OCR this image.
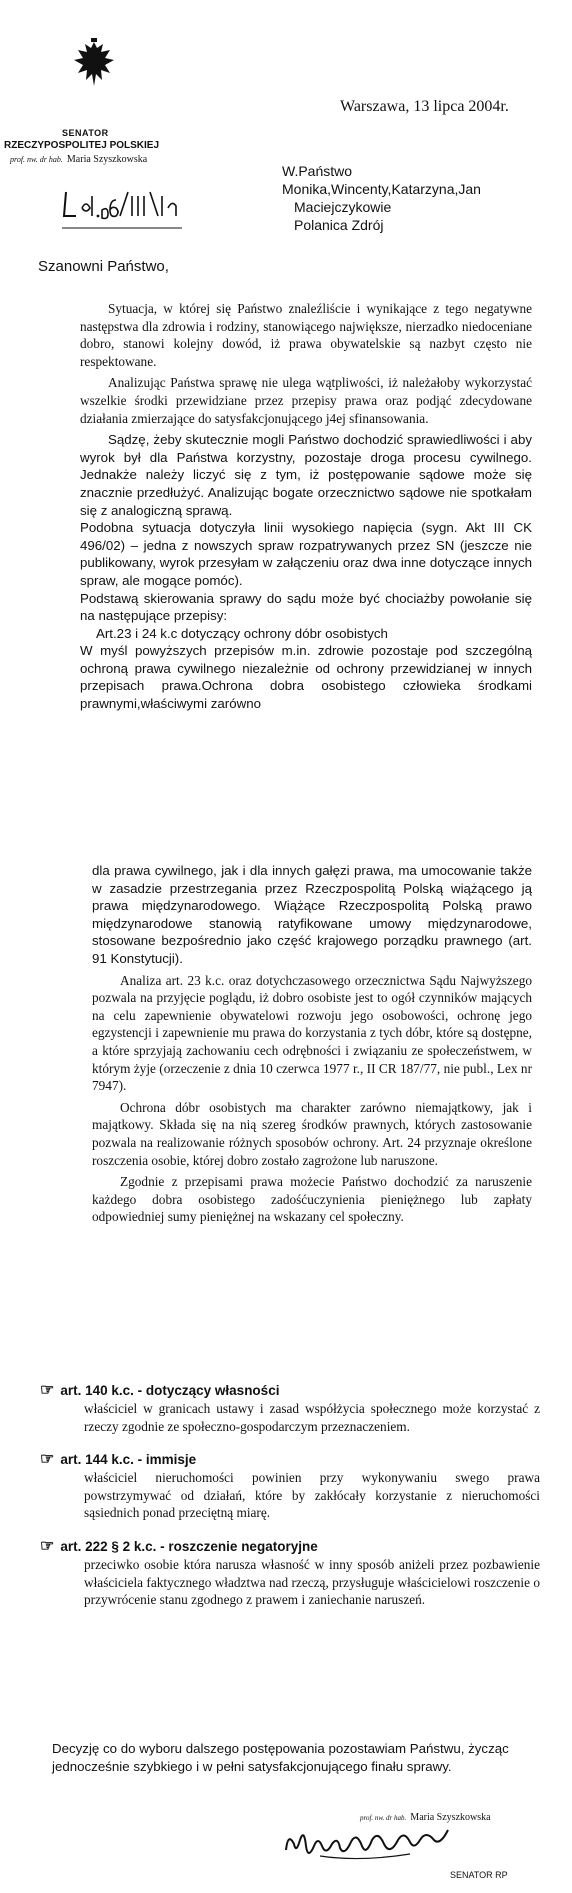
SENATOR
RZECZYPOSPOLITEJ POLSKIEJ
prof. nw. dr hab. Maria Szyszkowska
Warszawa, 13 lipca 2004r.
W.Państwo
Monika,Wincenty,Katarzyna,Jan
Maciejczykowie
Polanica Zdrój
Szanowni Państwo,

Sytuacja, w której się Państwo znaleźliście i wynikające z tego negatywne następstwa dla zdrowia i rodziny, stanowiącego największe, nierzadko niedoceniane dobro, stanowi kolejny dowód, iż prawa obywatelskie są nazbyt często nie respektowane.

Analizując Państwa sprawę nie ulega wątpliwości, iż należałoby wykorzystać wszelkie środki przewidziane przez przepisy prawa oraz podjąć zdecydowane działania zmierzające do satysfakcjonującego j4ej sfinansowania.

Sądzę, żeby skutecznie mogli Państwo dochodzić sprawiedliwości i aby wyrok był dla Państwa korzystny, pozostaje droga procesu cywilnego. Jednakże należy liczyć się z tym, iż postępowanie sądowe może się znacznie przedłużyć. Analizując bogate orzecznictwo sądowe nie spotkałam się z analogiczną sprawą.

Podobna sytuacja dotyczyła linii wysokiego napięcia (sygn. Akt III CK 496/02) – jedna z nowszych spraw rozpatrywanych przez SN (jeszcze nie publikowany, wyrok przesyłam w załączeniu oraz dwa inne dotyczące innych spraw, ale mogące pomóc).

Podstawą skierowania sprawy do sądu może być chociażby powołanie się na następujące przepisy:

Art.23 i 24 k.c dotyczący ochrony dóbr osobistych

W myśl powyższych przepisów m.in. zdrowie pozostaje pod szczególną ochroną prawa cywilnego niezależnie od ochrony przewidzianej w innych przepisach prawa.Ochrona dobra osobistego człowieka środkami prawnymi,właściwymi zarówno

dla prawa cywilnego, jak i dla innych gałęzi prawa, ma umocowanie także w zasadzie przestrzegania przez Rzeczpospolitą Polską wiążącego ją prawa międzynarodowego. Wiążące Rzeczpospolitą Polską prawo międzynarodowe stanowią ratyfikowane umowy międzynarodowe, stosowane bezpośrednio jako część krajowego porządku prawnego (art. 91 Konstytucji).

Analiza art. 23 k.c. oraz dotychczasowego orzecznictwa Sądu Najwyższego pozwala na przyjęcie poglądu, iż dobro osobiste jest to ogół czynników mających na celu zapewnienie obywatelowi rozwoju jego osobowości, ochronę jego egzystencji i zapewnienie mu prawa do korzystania z tych dóbr, które są dostępne, a które sprzyjają zachowaniu cech odrębności i związaniu ze społeczeństwem, w którym żyje (orzeczenie z dnia 10 czerwca 1977 r., II CR 187/77, nie publ., Lex nr 7947).

Ochrona dóbr osobistych ma charakter zarówno niemajątkowy, jak i majątkowy. Składa się na nią szereg środków prawnych, których zastosowanie pozwala na realizowanie różnych sposobów ochrony. Art. 24 przyznaje określone roszczenia osobie, której dobro zostało zagrożone lub naruszone.

Zgodnie z przepisami prawa możecie Państwo dochodzić za naruszenie każdego dobra osobistego zadośćuczynienia pieniężnego lub zapłaty odpowiedniej sumy pieniężnej na wskazany cel społeczny.

☞ art. 140 k.c. - dotyczący własności
właściciel w granicach ustawy i zasad współżycia społecznego może korzystać z rzeczy zgodnie ze społeczno-gospodarczym przeznaczeniem.
☞ art. 144 k.c. - immisje
właściciel nieruchomości powinien przy wykonywaniu swego prawa powstrzymywać od działań, które by zakłócały korzystanie z nieruchomości sąsiednich ponad przeciętną miarę.
☞ art. 222 § 2 k.c. - roszczenie negatoryjne
przeciwko osobie która narusza własność w inny sposób aniżeli przez pozbawienie właściciela faktycznego władztwa nad rzeczą, przysługuje właścicielowi roszczenie o przywrócenie stanu zgodnego z prawem i zaniechanie naruszeń.
Decyzję co do wyboru dalszego postępowania pozostawiam Państwu, życząc jednocześnie szybkiego i w pełni satysfakcjonującego finału sprawy.
prof. nw. dr hab. Maria Szyszkowska
SENATOR RP
